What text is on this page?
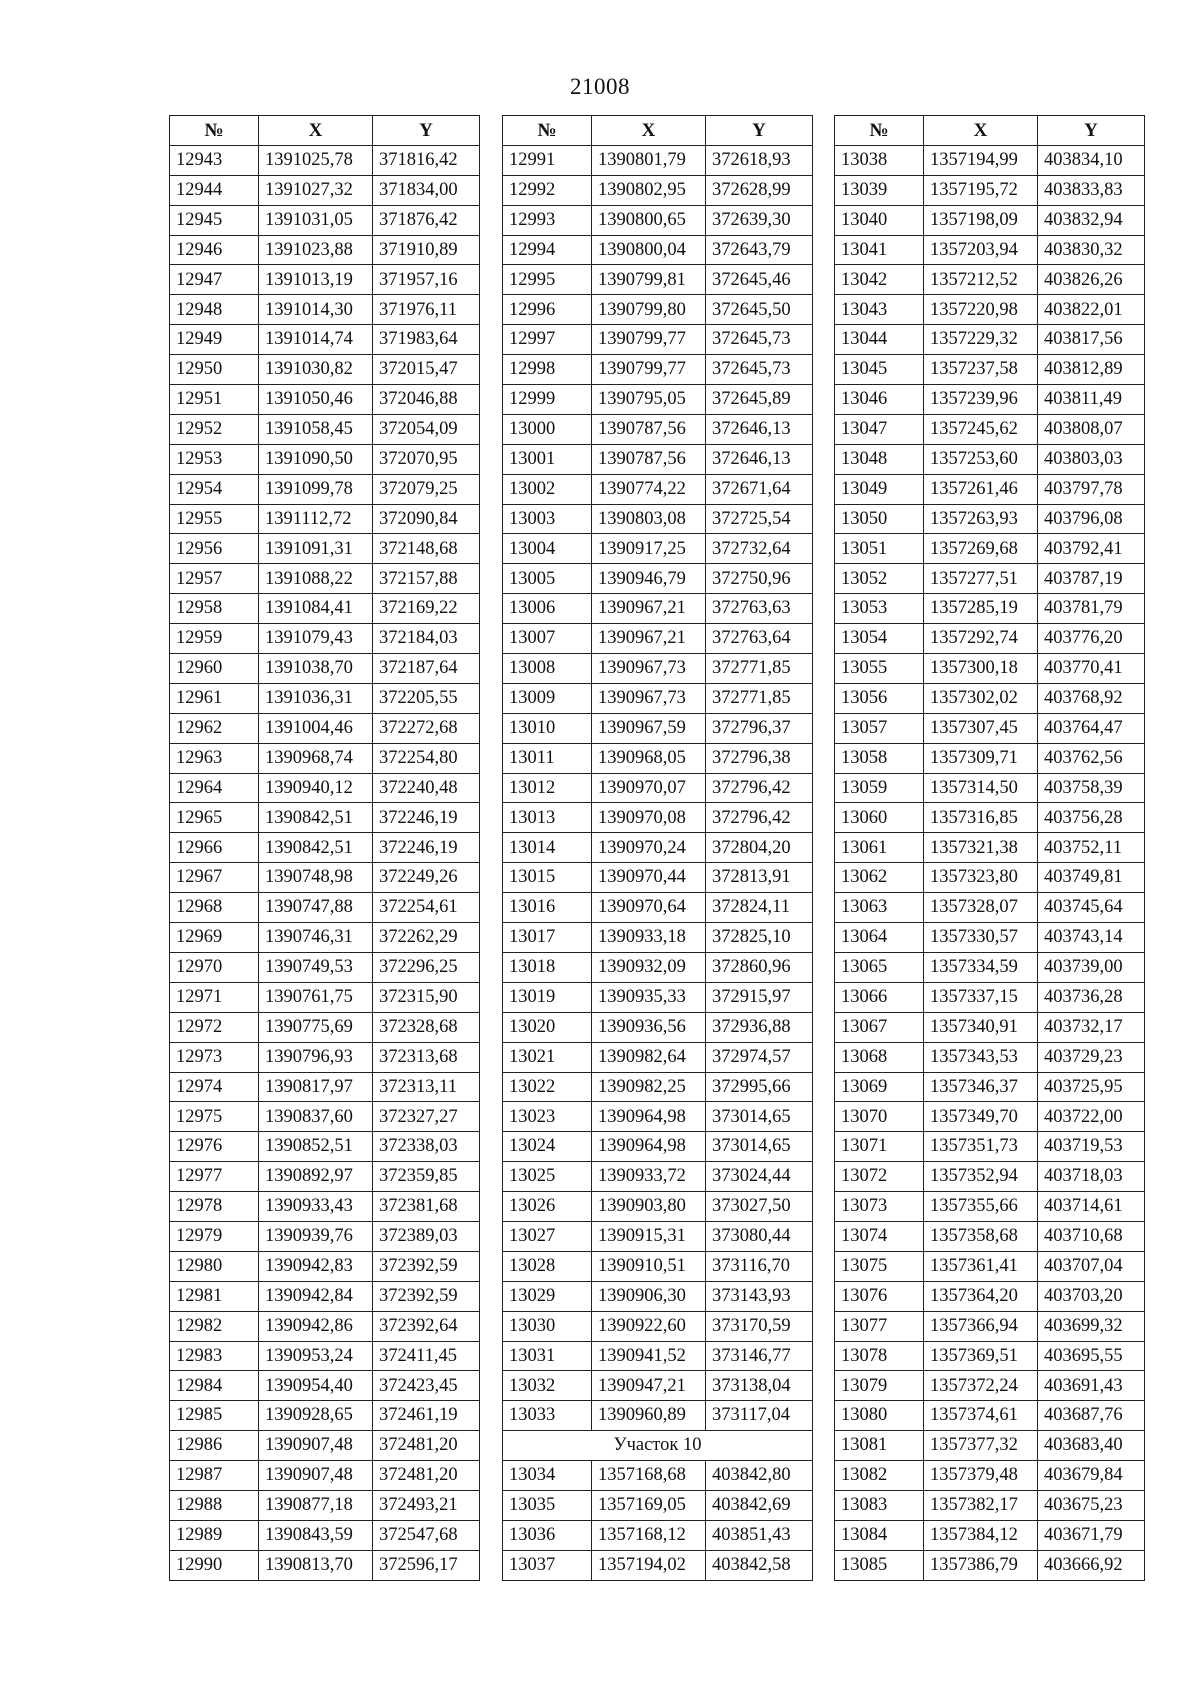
21008
№	X	Y
12943	1391025,78	371816,42
12944	1391027,32	371834,00
12945	1391031,05	371876,42
12946	1391023,88	371910,89
12947	1391013,19	371957,16
12948	1391014,30	371976,11
12949	1391014,74	371983,64
12950	1391030,82	372015,47
12951	1391050,46	372046,88
12952	1391058,45	372054,09
12953	1391090,50	372070,95
12954	1391099,78	372079,25
12955	1391112,72	372090,84
12956	1391091,31	372148,68
12957	1391088,22	372157,88
12958	1391084,41	372169,22
12959	1391079,43	372184,03
12960	1391038,70	372187,64
12961	1391036,31	372205,55
12962	1391004,46	372272,68
12963	1390968,74	372254,80
12964	1390940,12	372240,48
12965	1390842,51	372246,19
12966	1390842,51	372246,19
12967	1390748,98	372249,26
12968	1390747,88	372254,61
12969	1390746,31	372262,29
12970	1390749,53	372296,25
12971	1390761,75	372315,90
12972	1390775,69	372328,68
12973	1390796,93	372313,68
12974	1390817,97	372313,11
12975	1390837,60	372327,27
12976	1390852,51	372338,03
12977	1390892,97	372359,85
12978	1390933,43	372381,68
12979	1390939,76	372389,03
12980	1390942,83	372392,59
12981	1390942,84	372392,59
12982	1390942,86	372392,64
12983	1390953,24	372411,45
12984	1390954,40	372423,45
12985	1390928,65	372461,19
12986	1390907,48	372481,20
12987	1390907,48	372481,20
12988	1390877,18	372493,21
12989	1390843,59	372547,68
12990	1390813,70	372596,17
№	X	Y
12991	1390801,79	372618,93
12992	1390802,95	372628,99
12993	1390800,65	372639,30
12994	1390800,04	372643,79
12995	1390799,81	372645,46
12996	1390799,80	372645,50
12997	1390799,77	372645,73
12998	1390799,77	372645,73
12999	1390795,05	372645,89
13000	1390787,56	372646,13
13001	1390787,56	372646,13
13002	1390774,22	372671,64
13003	1390803,08	372725,54
13004	1390917,25	372732,64
13005	1390946,79	372750,96
13006	1390967,21	372763,63
13007	1390967,21	372763,64
13008	1390967,73	372771,85
13009	1390967,73	372771,85
13010	1390967,59	372796,37
13011	1390968,05	372796,38
13012	1390970,07	372796,42
13013	1390970,08	372796,42
13014	1390970,24	372804,20
13015	1390970,44	372813,91
13016	1390970,64	372824,11
13017	1390933,18	372825,10
13018	1390932,09	372860,96
13019	1390935,33	372915,97
13020	1390936,56	372936,88
13021	1390982,64	372974,57
13022	1390982,25	372995,66
13023	1390964,98	373014,65
13024	1390964,98	373014,65
13025	1390933,72	373024,44
13026	1390903,80	373027,50
13027	1390915,31	373080,44
13028	1390910,51	373116,70
13029	1390906,30	373143,93
13030	1390922,60	373170,59
13031	1390941,52	373146,77
13032	1390947,21	373138,04
13033	1390960,89	373117,04
Участок 10		
13034	1357168,68	403842,80
13035	1357169,05	403842,69
13036	1357168,12	403851,43
13037	1357194,02	403842,58
№	X	Y
13038	1357194,99	403834,10
13039	1357195,72	403833,83
13040	1357198,09	403832,94
13041	1357203,94	403830,32
13042	1357212,52	403826,26
13043	1357220,98	403822,01
13044	1357229,32	403817,56
13045	1357237,58	403812,89
13046	1357239,96	403811,49
13047	1357245,62	403808,07
13048	1357253,60	403803,03
13049	1357261,46	403797,78
13050	1357263,93	403796,08
13051	1357269,68	403792,41
13052	1357277,51	403787,19
13053	1357285,19	403781,79
13054	1357292,74	403776,20
13055	1357300,18	403770,41
13056	1357302,02	403768,92
13057	1357307,45	403764,47
13058	1357309,71	403762,56
13059	1357314,50	403758,39
13060	1357316,85	403756,28
13061	1357321,38	403752,11
13062	1357323,80	403749,81
13063	1357328,07	403745,64
13064	1357330,57	403743,14
13065	1357334,59	403739,00
13066	1357337,15	403736,28
13067	1357340,91	403732,17
13068	1357343,53	403729,23
13069	1357346,37	403725,95
13070	1357349,70	403722,00
13071	1357351,73	403719,53
13072	1357352,94	403718,03
13073	1357355,66	403714,61
13074	1357358,68	403710,68
13075	1357361,41	403707,04
13076	1357364,20	403703,20
13077	1357366,94	403699,32
13078	1357369,51	403695,55
13079	1357372,24	403691,43
13080	1357374,61	403687,76
13081	1357377,32	403683,40
13082	1357379,48	403679,84
13083	1357382,17	403675,23
13084	1357384,12	403671,79
13085	1357386,79	403666,92
